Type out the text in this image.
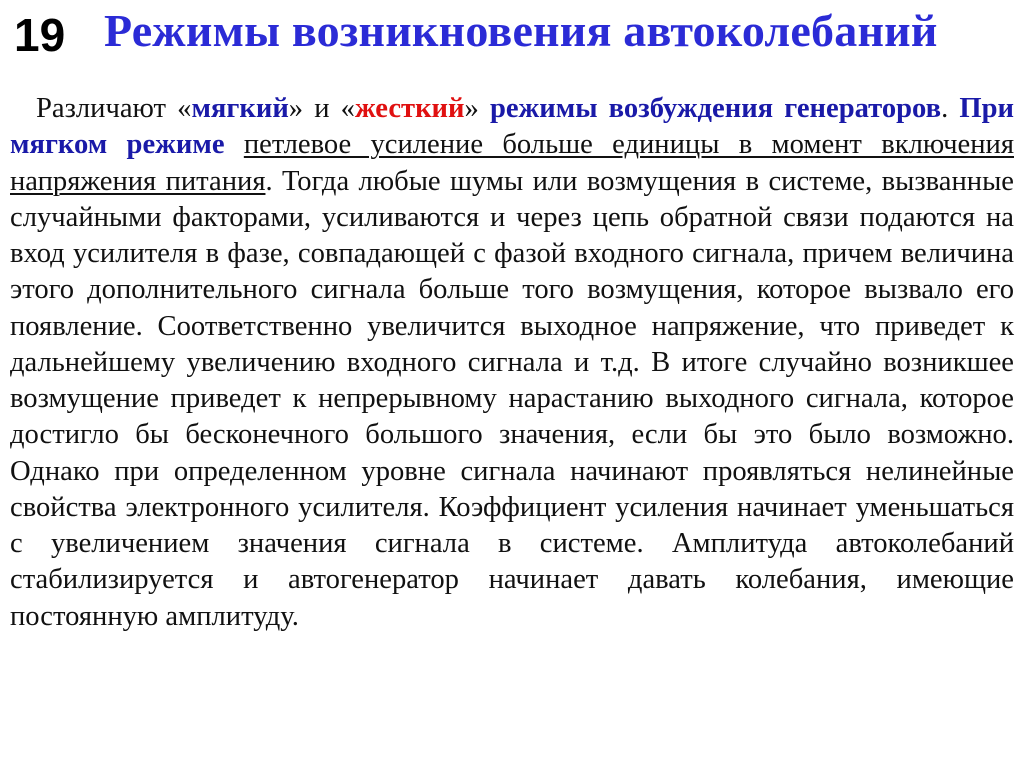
19 Режимы возникновения автоколебаний

Различают «мягкий» и «жесткий» режимы возбуждения генераторов. При мягком режиме петлевое усиление больше единицы в момент включения напряжения питания. Тогда любые шумы или возмущения в системе, вызванные случайными факторами, усиливаются и через цепь обратной связи подаются на вход усилителя в фазе, совпадающей с фазой входного сигнала, причем величина этого дополнительного сигнала больше того возмущения, которое вызвало его появление. Соответственно увеличится выходное напряжение, что приведет к дальнейшему увеличению входного сигнала и т.д. В итоге случайно возникшее возмущение приведет к непрерывному нарастанию выходного сигнала, которое достигло бы бесконечного большого значения, если бы это было возможно. Однако при определенном уровне сигнала начинают проявляться нелинейные свойства электронного усилителя. Коэффициент усиления начинает уменьшаться с увеличением значения сигнала в системе. Амплитуда автоколебаний стабилизируется и автогенератор начинает давать колебания, имеющие постоянную амплитуду.
